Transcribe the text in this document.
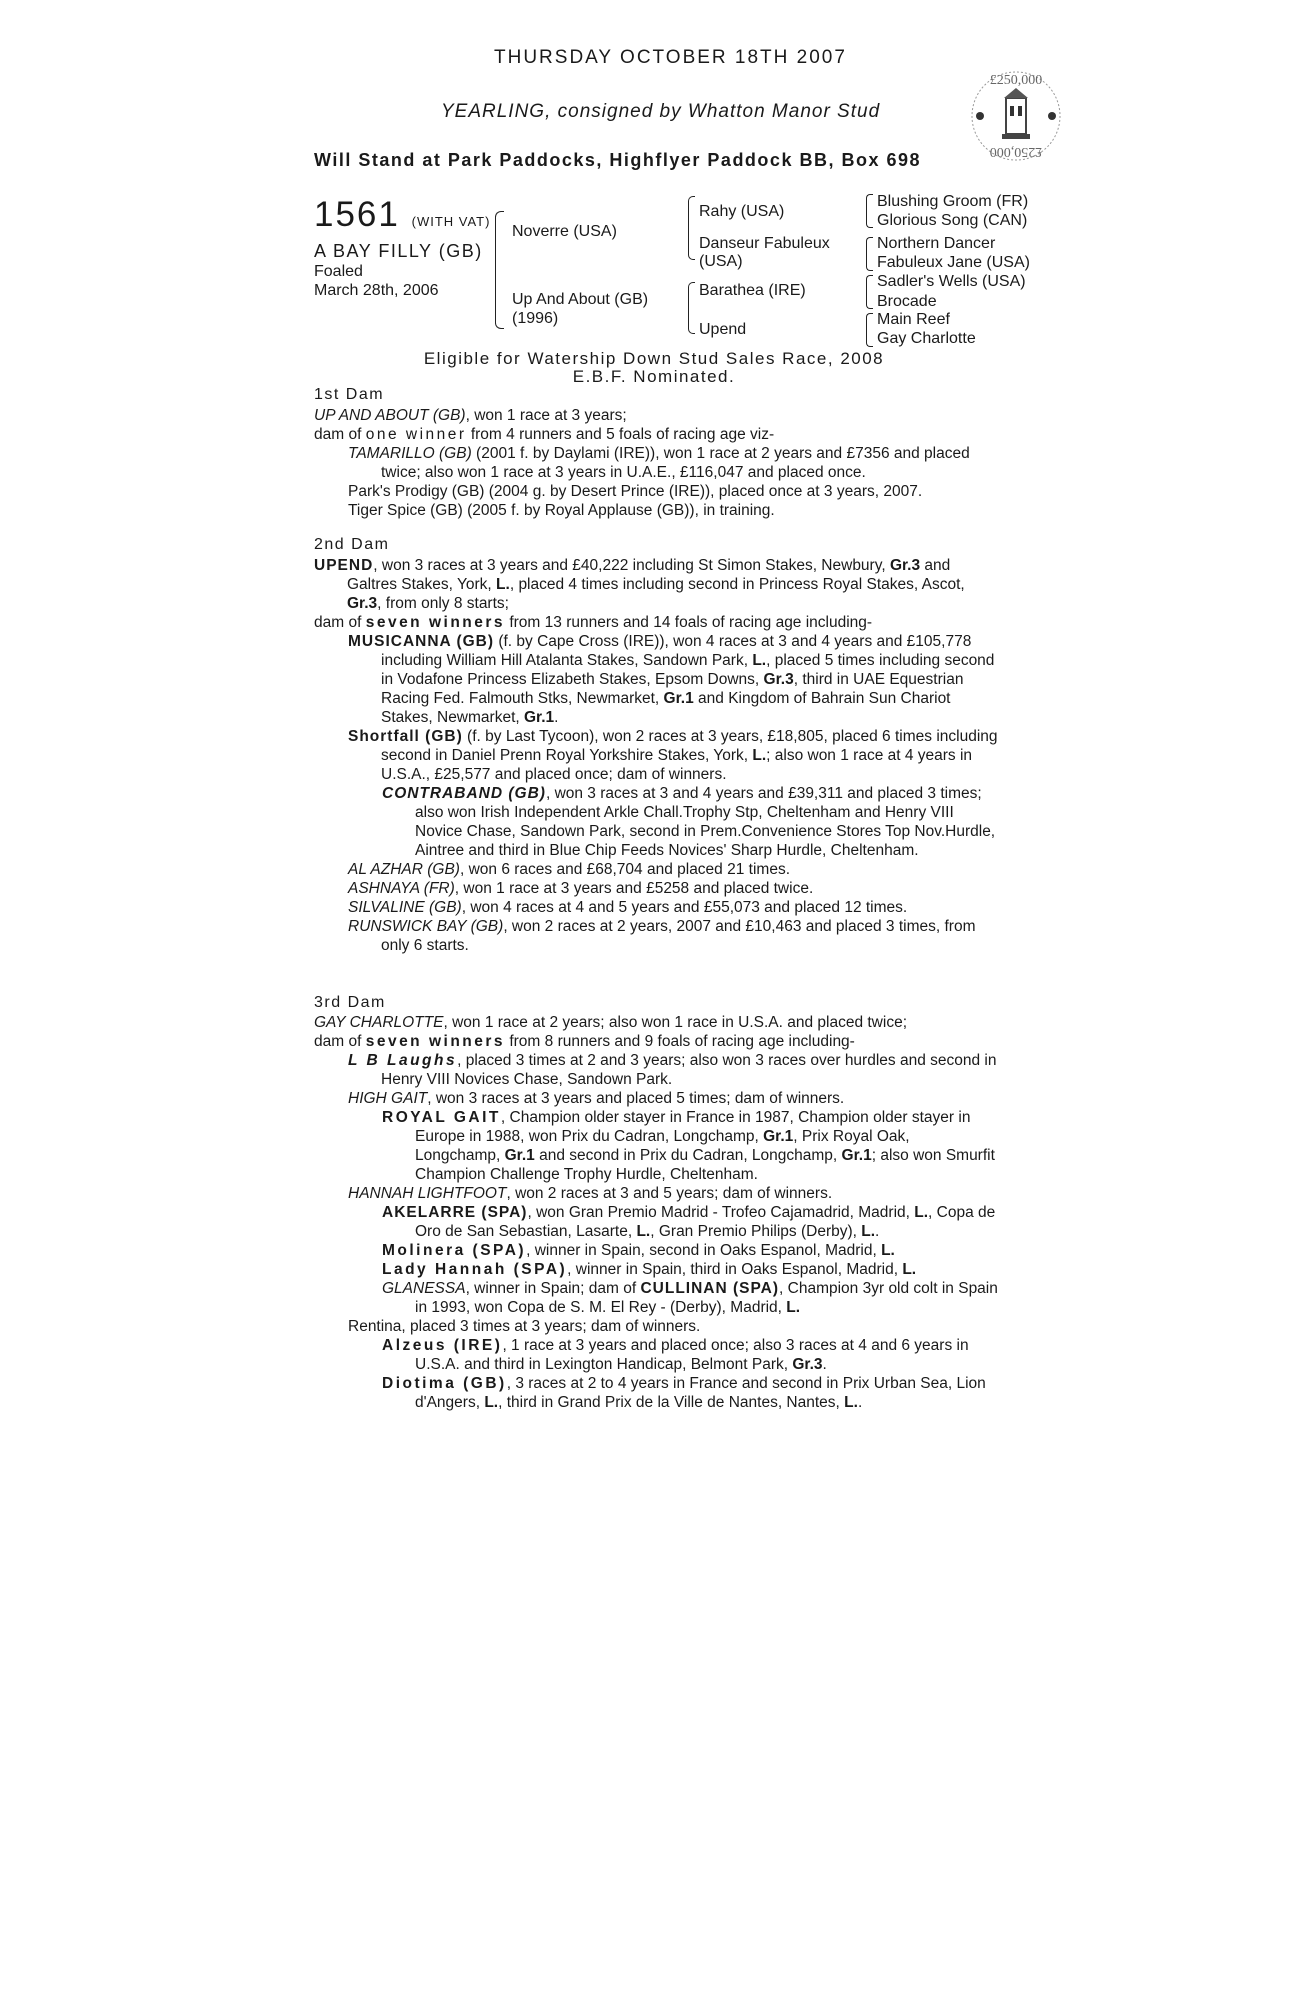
THURSDAY OCTOBER 18TH 2007
YEARLING, consigned by Whatton Manor Stud
Will Stand at Park Paddocks, Highflyer Paddock BB, Box 698
£250,000
£250,000
1561 (WITH VAT)
A BAY FILLY (GB)
Foaled
March 28th, 2006
Noverre (USA)
Up And About (GB)
(1996)
Rahy (USA)
Danseur Fabuleux
(USA)
Barathea (IRE)
Upend
Blushing Groom (FR)
Glorious Song (CAN)
Northern Dancer
Fabuleux Jane (USA)
Sadler's Wells (USA)
Brocade
Main Reef
Gay Charlotte
Eligible for Watership Down Stud Sales Race, 2008
E.B.F. Nominated.
1st Dam

UP AND ABOUT (GB), won 1 race at 3 years;

dam of one winner from 4 runners and 5 foals of racing age viz-

TAMARILLO (GB) (2001 f. by Daylami (IRE)), won 1 race at 2 years and £7356 and placed twice; also won 1 race at 3 years in U.A.E., £116,047 and placed once.

Park's Prodigy (GB) (2004 g. by Desert Prince (IRE)), placed once at 3 years, 2007.

Tiger Spice (GB) (2005 f. by Royal Applause (GB)), in training.

2nd Dam

UPEND, won 3 races at 3 years and £40,222 including St Simon Stakes, Newbury, Gr.3 and Galtres Stakes, York, L., placed 4 times including second in Princess Royal Stakes, Ascot, Gr.3, from only 8 starts;

dam of seven winners from 13 runners and 14 foals of racing age including-

MUSICANNA (GB) (f. by Cape Cross (IRE)), won 4 races at 3 and 4 years and £105,778 including William Hill Atalanta Stakes, Sandown Park, L., placed 5 times including second in Vodafone Princess Elizabeth Stakes, Epsom Downs, Gr.3, third in UAE Equestrian Racing Fed. Falmouth Stks, Newmarket, Gr.1 and Kingdom of Bahrain Sun Chariot Stakes, Newmarket, Gr.1.

Shortfall (GB) (f. by Last Tycoon), won 2 races at 3 years, £18,805, placed 6 times including second in Daniel Prenn Royal Yorkshire Stakes, York, L.; also won 1 race at 4 years in U.S.A., £25,577 and placed once; dam of winners.

CONTRABAND (GB), won 3 races at 3 and 4 years and £39,311 and placed 3 times; also won Irish Independent Arkle Chall.Trophy Stp, Cheltenham and Henry VIII Novice Chase, Sandown Park, second in Prem.Convenience Stores Top Nov.Hurdle, Aintree and third in Blue Chip Feeds Novices' Sharp Hurdle, Cheltenham.

AL AZHAR (GB), won 6 races and £68,704 and placed 21 times.

ASHNAYA (FR), won 1 race at 3 years and £5258 and placed twice.

SILVALINE (GB), won 4 races at 4 and 5 years and £55,073 and placed 12 times.

RUNSWICK BAY (GB), won 2 races at 2 years, 2007 and £10,463 and placed 3 times, from only 6 starts.

3rd Dam

GAY CHARLOTTE, won 1 race at 2 years; also won 1 race in U.S.A. and placed twice;

dam of seven winners from 8 runners and 9 foals of racing age including-

L B Laughs, placed 3 times at 2 and 3 years; also won 3 races over hurdles and second in Henry VIII Novices Chase, Sandown Park.

HIGH GAIT, won 3 races at 3 years and placed 5 times; dam of winners.

ROYAL GAIT, Champion older stayer in France in 1987, Champion older stayer in Europe in 1988, won Prix du Cadran, Longchamp, Gr.1, Prix Royal Oak, Longchamp, Gr.1 and second in Prix du Cadran, Longchamp, Gr.1; also won Smurfit Champion Challenge Trophy Hurdle, Cheltenham.

HANNAH LIGHTFOOT, won 2 races at 3 and 5 years; dam of winners.

AKELARRE (SPA), won Gran Premio Madrid - Trofeo Cajamadrid, Madrid, L., Copa de Oro de San Sebastian, Lasarte, L., Gran Premio Philips (Derby), L..

Molinera (SPA), winner in Spain, second in Oaks Espanol, Madrid, L.

Lady Hannah (SPA), winner in Spain, third in Oaks Espanol, Madrid, L.

GLANESSA, winner in Spain; dam of CULLINAN (SPA), Champion 3yr old colt in Spain in 1993, won Copa de S. M. El Rey - (Derby), Madrid, L.

Rentina, placed 3 times at 3 years; dam of winners.

Alzeus (IRE), 1 race at 3 years and placed once; also 3 races at 4 and 6 years in U.S.A. and third in Lexington Handicap, Belmont Park, Gr.3.

Diotima (GB), 3 races at 2 to 4 years in France and second in Prix Urban Sea, Lion d'Angers, L., third in Grand Prix de la Ville de Nantes, Nantes, L..
